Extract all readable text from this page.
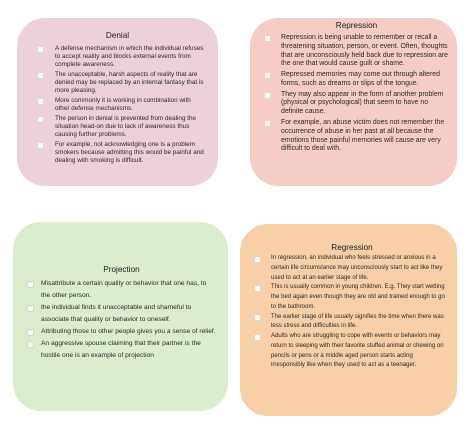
Denial
A defense mechanism in which the individual refuses to accept reality and blocks external events from complete awareness.
The unacceptable, harsh aspects of reality that are denied may be replaced by an internal fantasy that is more pleasing.
More commonly it is working in combination with other defense mechanisms.
The person in denial is prevented from dealing the situation head-on due to lack of awareness thus causing further problems.
For example, not acknowledging one is a problem smokers because admitting this would be painful and dealing with smoking is difficult.
Repression
Repression is being unable to remember or recall a threatening situation, person, or event. Often, thoughts that are unconsciously held back due to repression are the one that would cause guilt or shame.
Repressed memories may come out through altered forms, such as dreams or slips of the tongue.
They may also appear in the form of another problem (physical or psychological) that seem to have no definite cause.
For example, an abuse victim does not remember the occurrence of abuse in her past at all because the emotions those painful memories will cause are very difficult to deal with.
Projection
Misattribute a certain quality or behavior that one has, to the other person.
the individual finds it unacceptable and shameful to associate that quality or behavior to oneself.
Attributing those to other people gives you a sense of relief.
An aggressive spouse claiming that their partner is the hostile one is an example of projection
Regression
In regression, an individual who feels stressed or anxious in a certain life circumstance may unconsciously start to act like they used to act at an earlier stage of life.
This is usually common in young children. E.g. They start wetting the bed again even though they are old and trained enough to go to the bathroom.
The earlier stage of life usually signifies the time when there was less stress and difficulties in life.
Adults who are struggling to cope with events or behaviors may return to sleeping with their favorite stuffed animal or chewing on pencils or pens or a middle aged person starts acting irresponsibly like when they used to act as a teenager.
